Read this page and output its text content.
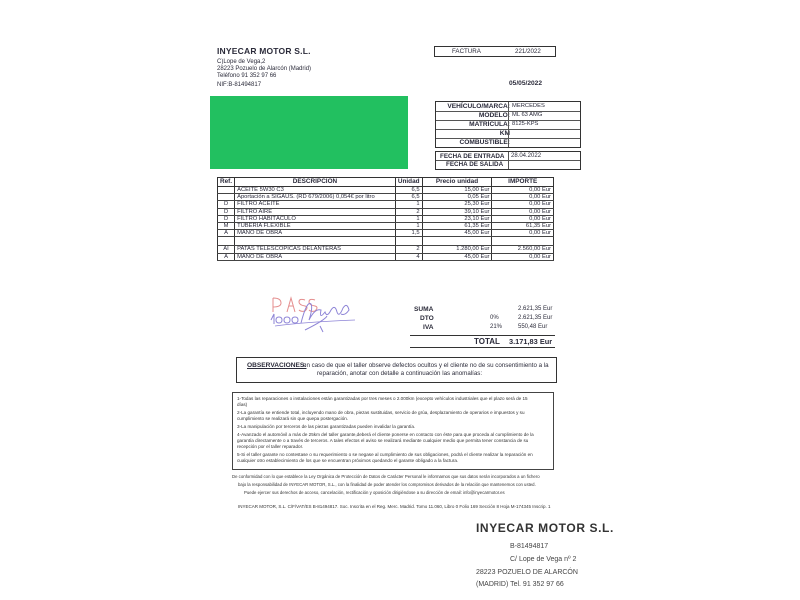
INYECAR MOTOR S.L.
C)Lope de Vega,2
28223 Pozuelo de Alarcón (Madrid)
Teléfono 91 352 97 66
NIF:B-81494817
FACTURA	221/2022
05/05/2022
VEHÍCULO/MARCA: MERCEDES
MODELO: ML 63 AMG
MATRÍCULA: 8125-KPS
KM
COMBUSTIBLE:
FECHA DE ENTRADA 28.04.2022
FECHA DE SALIDA
Ref.	DESCRIPCIÓN	Unidad	Precio unidad	IMPORTE
	ACEITE 5W30 C3	6,5	15,00 Eur	0,00 Eur
	Aportación a SIGAUS. (RD 679/2006) 0,054€ por litro	6,5	0,05 Eur	0,00 Eur
D	FILTRO ACEITE	1	25,30 Eur	0,00 Eur
D	FILTRO AIRE	2	39,10 Eur	0,00 Eur
D	FILTRO HABITÁCULO	1	23,10 Eur	0,00 Eur
M	TUBERIA FLEXIBLE	1	61,35 Eur	61,35 Eur
A	MANO DE OBRA	1,5	45,00 Eur	0,00 Eur

AI	PATAS TELESCOPICAS DELANTERAS	2	1.280,00 Eur	2.560,00 Eur
A	MANO DE OBRA	4	45,00 Eur	0,00 Eur
SUMA	2.621,35 Eur
DTO	0%	2.621,35 Eur
IVA	21%	550,48 Eur
TOTAL 3.171,83 Eur
OBSERVACIONES:
en caso de que el taller observe defectos ocultos y el cliente no de su consentimiento a la
reparación, anotar con detalle a continuación las anomalías:
1-Todas las reparaciones o instalaciones están garantizadas por tres meses o 2.000km (excepto vehículos industriales que el plazo será de 15
días)
2-La garantía se entiende total, incluyendo mano de obra, piezas sustituidas, servicio de grúa, desplazamiento de operarios e impuestos y su
cumplimiento se realizará sin que quepa postergación.
3-La manipulación por terceros de las piezas garantizadas pueden invalidar la garantía.
4-Avanzado el automóvil a más de 25km del taller garante,deberá el cliente ponerse en contacto con éste para que proceda al cumplimiento de la
garantía directamente o a través de terceros. A tales efectos el aviso se realizará mediante cualquier medio que permita tener constancia de su
recepción por el taller reparador.
5-Si el taller garante no contestase o su requerimiento o se negase al cumplimiento de sus obligaciones, podrá el cliente realizar la reparación en
cualquier otro establecimiento de los que se encuentran próximos quedando el garante obligado a la factura.
De conformidad con lo que establece la Ley Orgánica de Protección de Datos de Carácter Personal le informamos que sus datos serán incorporados a un fichero
bajo la responsabilidad de INYECAR MOTOR, S.L., con la finalidad de poder atender los compromisos derivados de la relación que mantenemos con usted.
Puede ejercer sus derechos de acceso, cancelación, rectificación y oposición dirigiéndose a su dirección de email: info@inyecarmotor.es
INYECAR MOTOR, S.L. C/F/VAT/ES B-81494817. Soc. Inscrita en el Reg. Merc. Madrid. Tomo 11.060, Libro 0 Folio 169 Sección 8 Hoja M-174345 Inscrip. 1
INYECAR MOTOR S.L.
B-81494817
C/ Lope de Vega nº 2
28223 POZUELO DE ALARCÓN
(MADRID) Tel. 91 352 97 66
